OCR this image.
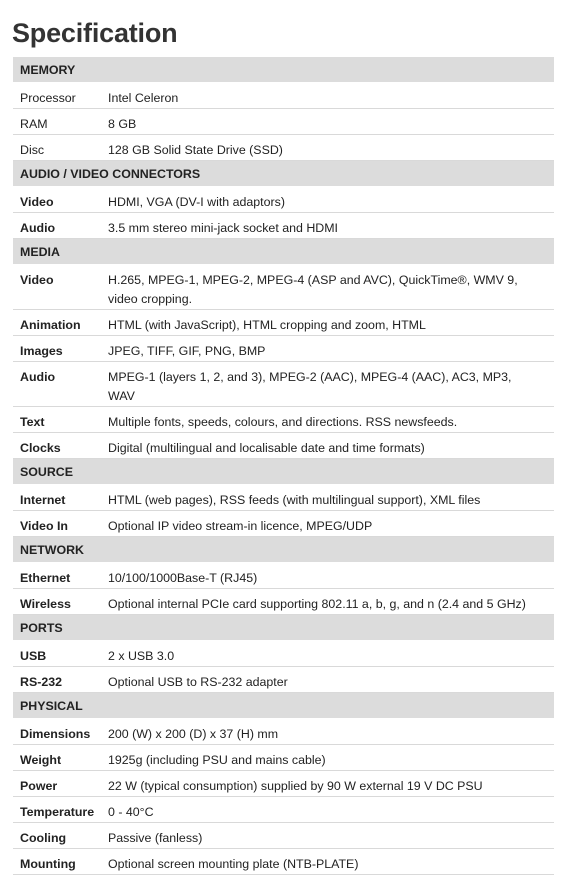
Specification
MEMORY	
Processor	Intel Celeron
RAM	8 GB
Disc	128 GB Solid State Drive (SSD)
AUDIO / VIDEO CONNECTORS	
Video	HDMI, VGA (DV-I with adaptors)
Audio	3.5 mm stereo mini-jack socket and HDMI
MEDIA	
Video	H.265, MPEG-1, MPEG-2, MPEG-4 (ASP and AVC), QuickTime®, WMV 9, video cropping.
Animation	HTML (with JavaScript), HTML cropping and zoom, HTML
Images	JPEG, TIFF, GIF, PNG, BMP
Audio	MPEG-1 (layers 1, 2, and 3), MPEG-2 (AAC), MPEG-4 (AAC), AC3, MP3, WAV
Text	Multiple fonts, speeds, colours, and directions. RSS newsfeeds.
Clocks	Digital (multilingual and localisable date and time formats)
SOURCE	
Internet	HTML (web pages), RSS feeds (with multilingual support), XML files
Video In	Optional IP video stream-in licence, MPEG/UDP
NETWORK	
Ethernet	10/100/1000Base-T (RJ45)
Wireless	Optional internal PCIe card supporting 802.11 a, b, g, and n (2.4 and 5 GHz)
PORTS	
USB	2 x USB 3.0
RS-232	Optional USB to RS-232 adapter
PHYSICAL	
Dimensions	200 (W) x 200 (D) x 37 (H) mm
Weight	1925g (including PSU and mains cable)
Power	22 W (typical consumption) supplied by 90 W external 19 V DC PSU
Temperature	0 - 40°C
Cooling	Passive (fanless)
Mounting	Optional screen mounting plate (NTB-PLATE)
